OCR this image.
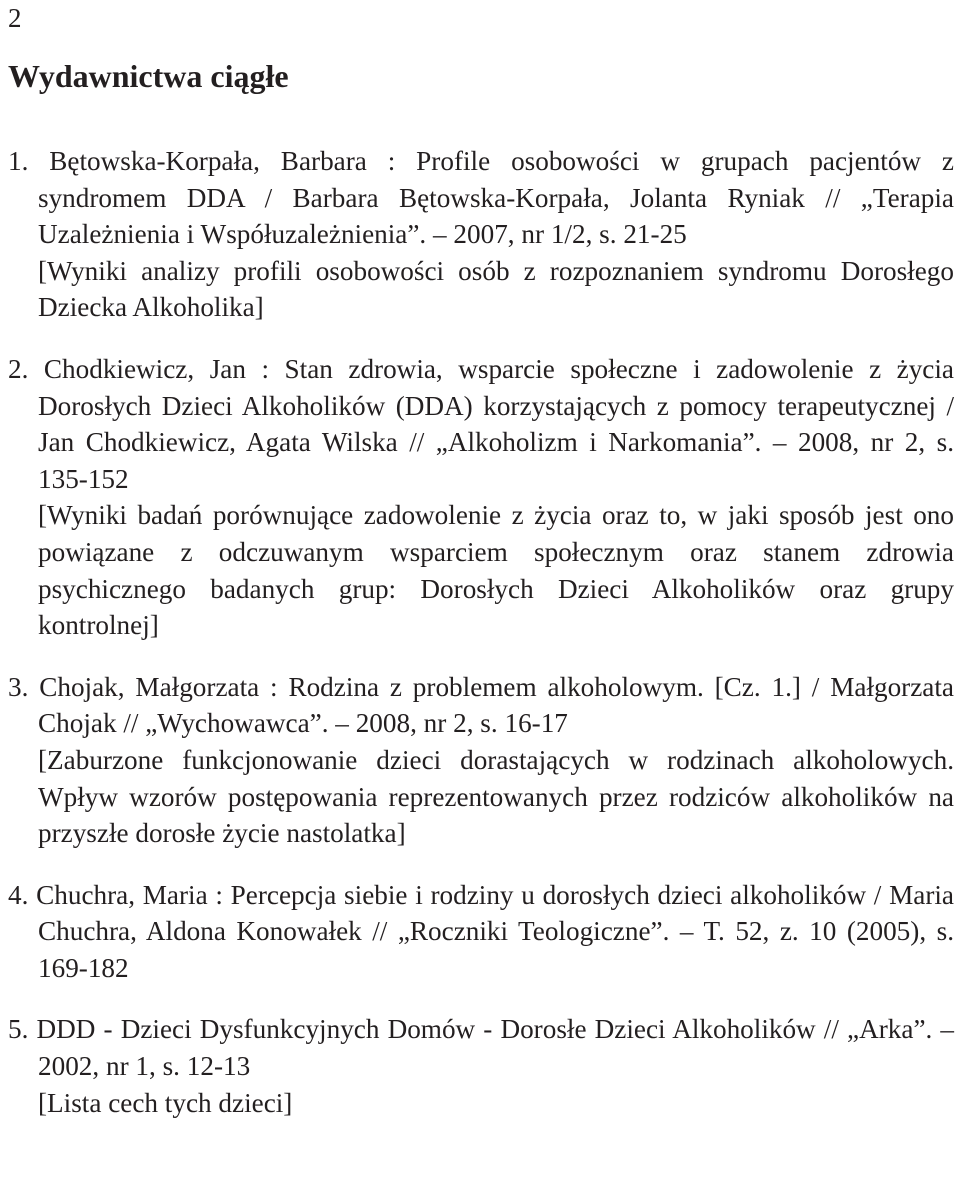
2
Wydawnictwa ciągłe
1. Bętowska-Korpała, Barbara : Profile osobowości w grupach pacjentów z syndromem DDA / Barbara Bętowska-Korpała, Jolanta Ryniak // „Terapia Uzależnienia i Współuzależnienia”. – 2007, nr 1/2, s. 21-25
[Wyniki analizy profili osobowości osób z rozpoznaniem syndromu Dorosłego Dziecka Alkoholika]
2. Chodkiewicz, Jan : Stan zdrowia, wsparcie społeczne i zadowolenie z życia Dorosłych Dzieci Alkoholików (DDA) korzystających z pomocy terapeutycznej / Jan Chodkiewicz, Agata Wilska // „Alkoholizm i Narkomania”. – 2008, nr 2, s. 135-152
[Wyniki badań porównujące zadowolenie z życia oraz to, w jaki sposób jest ono powiązane z odczuwanym wsparciem społecznym oraz stanem zdrowia psychicznego badanych grup: Dorosłych Dzieci Alkoholików oraz grupy kontrolnej]
3. Chojak, Małgorzata : Rodzina z problemem alkoholowym. [Cz. 1.] / Małgorzata Chojak // „Wychowawca”. – 2008, nr 2, s. 16-17
[Zaburzone funkcjonowanie dzieci dorastających w rodzinach alkoholowych. Wpływ wzorów postępowania reprezentowanych przez rodziców alkoholików na przyszłe dorosłe życie nastolatka]
4. Chuchra, Maria : Percepcja siebie i rodziny u dorosłych dzieci alkoholików / Maria Chuchra, Aldona Konowałek // „Roczniki Teologiczne”. – T. 52, z. 10 (2005), s. 169-182
5. DDD - Dzieci Dysfunkcyjnych Domów - Dorosłe Dzieci Alkoholików // „Arka”. – 2002, nr 1, s. 12-13
[Lista cech tych dzieci]
